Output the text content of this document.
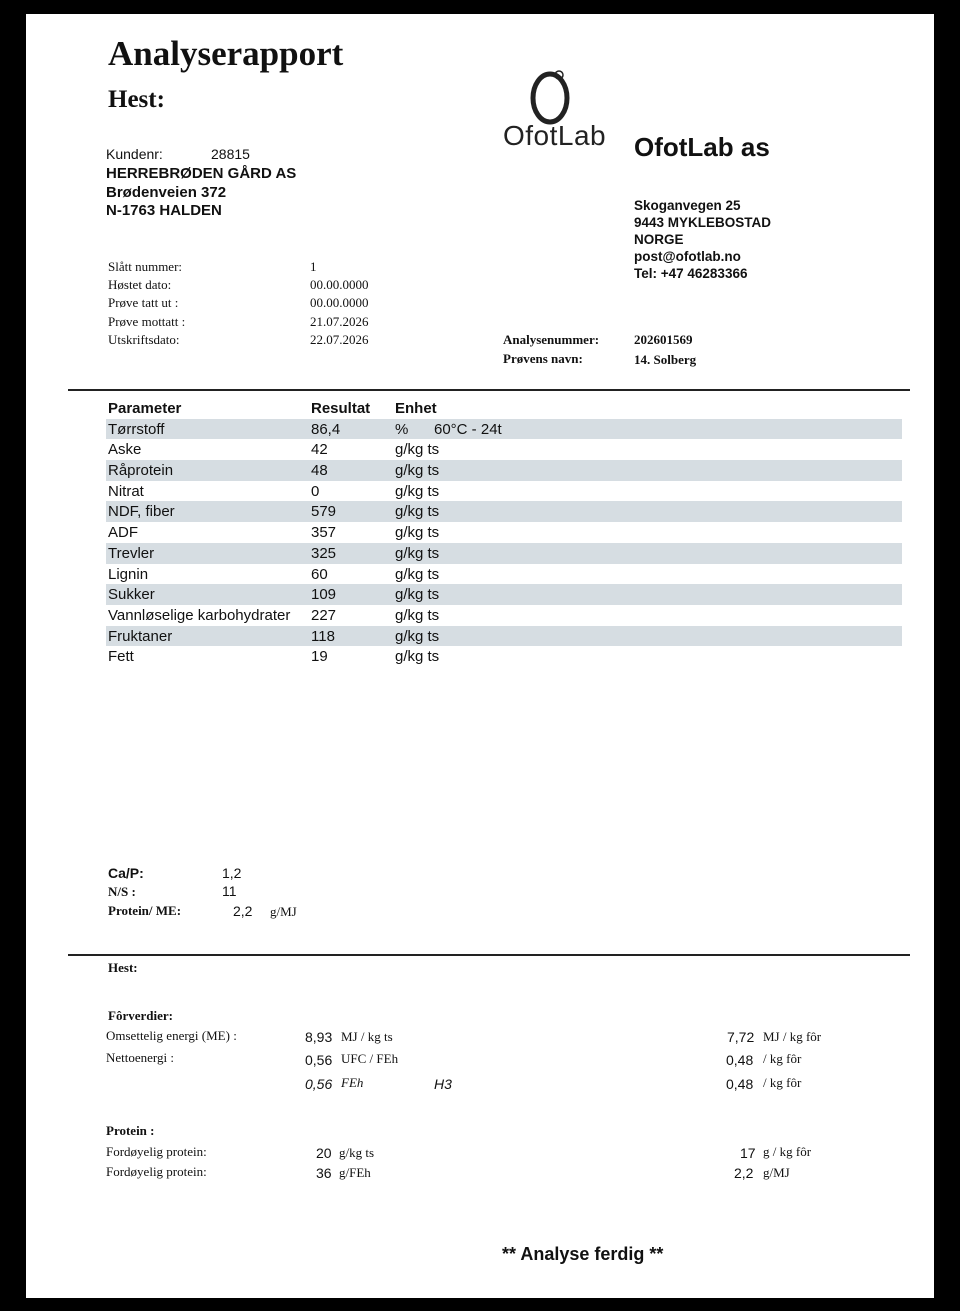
Analyserapport
Hest:
OfotLab OfotLab as
Kundenr:	28815
HERREBRØDEN GÅRD AS
Brødenveien 372
N-1763 HALDEN	Skoganvegen 25
9443 MYKLEBOSTAD
NORGE
post@ofotlab.no
Tel: +47 46283366
Slått nummer:	1
Høstet dato:	00.00.0000
Prøve tatt ut :	00.00.0000
Prøve mottatt :	21.07.2026
Utskriftsdato:	22.07.2026	Analysenummer:	202601569
Prøvens navn:	14. Solberg
Parameter	Resultat Enhet
Tørrstoff	86,4	% 60°C - 24t
Aske	42	g/kg ts
Råprotein	48	g/kg ts
Nitrat	0	g/kg ts
NDF, fiber	579	g/kg ts
ADF	357	g/kg ts
Trevler	325	g/kg ts
Lignin	60	g/kg ts
Sukker	109	g/kg ts
Vannløselige karbohydrater 227	g/kg ts
Fruktaner	118	g/kg ts
Fett	19	g/kg ts
Ca/P:	1,2
N/S :	11
Protein/ ME:	2,2 g/MJ
Hest:
Fôrverdier:
Omsettelig energi (ME) :	8,93 MJ / kg ts	7,72 MJ / kg fôr
Nettoenergi :	0,56 UFC / FEh	0,48 / kg fôr
0,56 FEh	H3	0,48 / kg fôr
Protein :
Fordøyelig protein:	20 g/kg ts	17 g / kg fôr
Fordøyelig protein:	36 g/FEh	2,2 g/MJ
** Analyse ferdig **
